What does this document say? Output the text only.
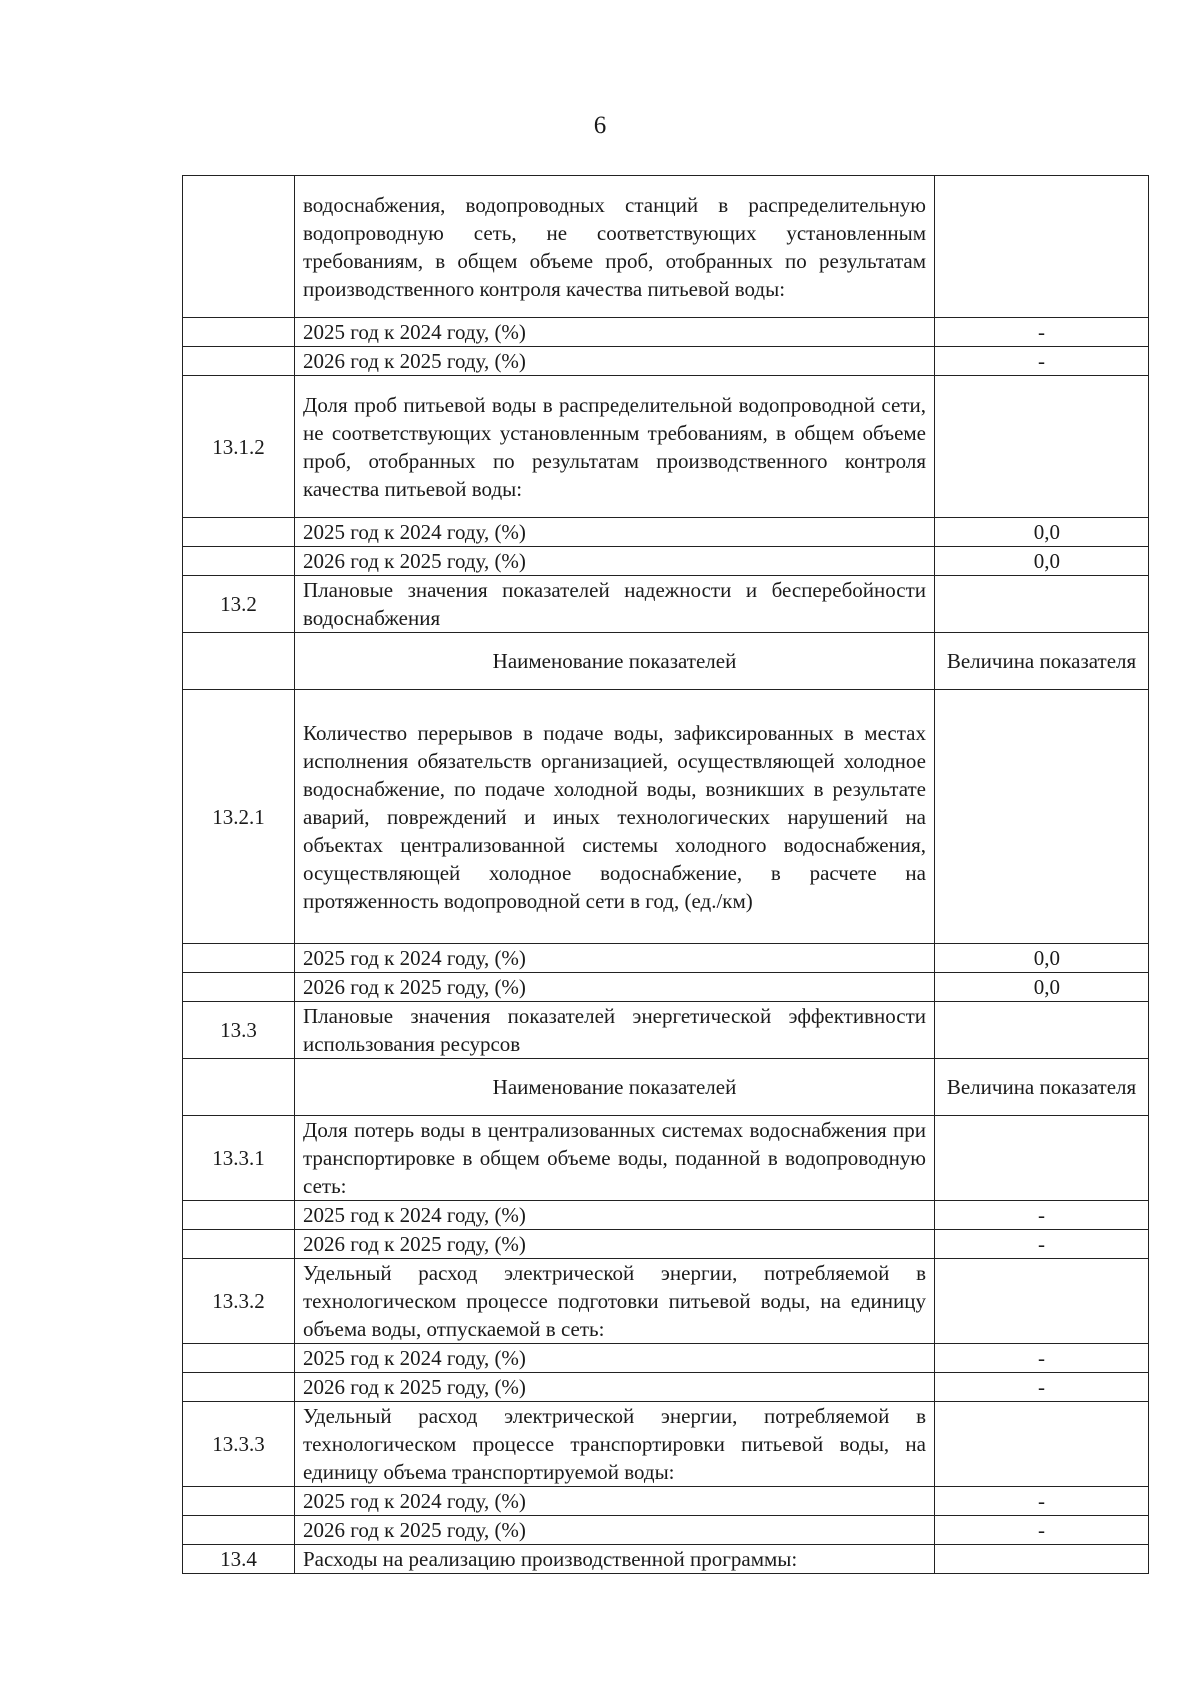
6
	водоснабжения, водопроводных станций в распределительную водопроводную сеть, не соответствующих установленным требованиям, в общем объеме проб, отобранных по результатам производственного контроля качества питьевой воды:	
	2025 год к 2024 году, (%)	-
	2026 год к 2025 году, (%)	-
13.1.2	Доля проб питьевой воды в распределительной водопроводной сети, не соответствующих установленным требованиям, в общем объеме проб, отобранных по результатам производственного контроля качества питьевой воды:	
	2025 год к 2024 году, (%)	0,0
	2026 год к 2025 году, (%)	0,0
13.2	Плановые значения показателей надежности и бесперебойности водоснабжения	
	Наименование показателей	Величина показателя
13.2.1	Количество перерывов в подаче воды, зафиксированных в местах исполнения обязательств организацией, осуществляющей холодное водоснабжение, по подаче холодной воды, возникших в результате аварий, повреждений и иных технологических нарушений на объектах централизованной системы холодного водоснабжения, осуществляющей холодное водоснабжение, в расчете на протяженность водопроводной сети в год, (ед./км)	
	2025 год к 2024 году, (%)	0,0
	2026 год к 2025 году, (%)	0,0
13.3	Плановые значения показателей энергетической эффективности использования ресурсов	
	Наименование показателей	Величина показателя
13.3.1	Доля потерь воды в централизованных системах водоснабжения при транспортировке в общем объеме воды, поданной в водопроводную сеть:	
	2025 год к 2024 году, (%)	-
	2026 год к 2025 году, (%)	-
13.3.2	Удельный расход электрической энергии, потребляемой в технологическом процессе подготовки питьевой воды, на единицу объема воды, отпускаемой в сеть:	
	2025 год к 2024 году, (%)	-
	2026 год к 2025 году, (%)	-
13.3.3	Удельный расход электрической энергии, потребляемой в технологическом процессе транспортировки питьевой воды, на единицу объема транспортируемой воды:	
	2025 год к 2024 году, (%)	-
	2026 год к 2025 году, (%)	-
13.4	Расходы на реализацию производственной программы:	
